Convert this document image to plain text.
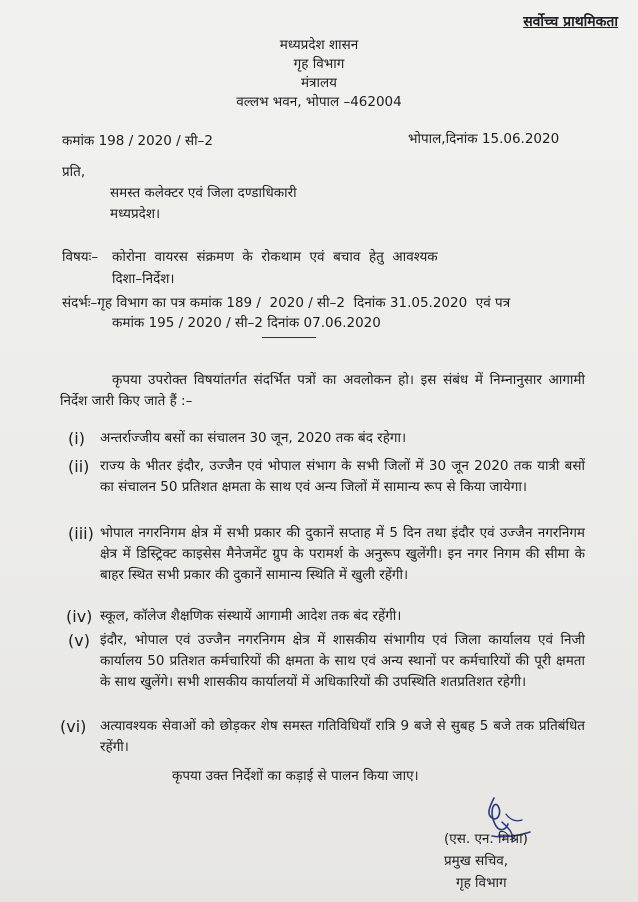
सर्वोच्च प्राथमिकता
मध्यप्रदेश शासन
गृह विभाग
मंत्रालय
वल्लभ भवन, भोपाल –462004
कमांक 198 / 2020 / सी–2	भोपाल,दिनांक 15.06.2020
प्रति,
समस्त कलेक्टर एवं जिला दण्डाधिकारी
मध्यप्रदेश।
विषयः– कोरोना  वायरस  संक्रमण  के  रोकथाम  एवं  बचाव  हेतु  आवश्यक
दिशा–निर्देश।
संदर्भः–गृह विभाग का पत्र कमांक 189 /  2020 / सी–2  दिनांक 31.05.2020  एवं पत्र
कमांक 195 / 2020 / सी–2 दिनांक 07.06.2020
कृपया उपरोक्त विषयांतर्गत संदर्भित पत्रों का अवलोकन हो। इस संबंध में निम्नानुसार आगामी निर्देश जारी किए जाते हैं :–
(i) अन्तर्राज्जीय बसों का संचालन 30 जून, 2020 तक बंद रहेगा।
(ii) राज्य के भीतर इंदौर, उज्जैन एवं भोपाल संभाग के सभी जिलों में 30 जून 2020 तक यात्री बसों का संचालन 50 प्रतिशत क्षमता के साथ एवं अन्य जिलों में सामान्य रूप से किया जायेगा।
(iii) भोपाल नगरनिगम क्षेत्र में सभी प्रकार की दुकानें सप्ताह में 5 दिन तथा इंदौर एवं उज्जैन नगरनिगम क्षेत्र में डिस्ट्रिक्ट काइसेस मैनेजमेंट ग्रुप के परामर्श के अनुरूप खुलेंगी। इन नगर निगम की सीमा के बाहर स्थित सभी प्रकार की दुकानें सामान्य स्थिति में खुली रहेंगी।
(iv) स्कूल, कॉलेज शैक्षणिक संस्थायें आगामी आदेश तक बंद रहेंगी।
(v) इंदौर, भोपाल एवं उज्जैन नगरनिगम क्षेत्र में शासकीय संभागीय एवं जिला कार्यालय एवं निजी कार्यालय 50 प्रतिशत कर्मचारियों की क्षमता के साथ एवं अन्य स्थानों पर कर्मचारियों की पूरी क्षमता के साथ खुलेंगे। सभी शासकीय कार्यालयों में अधिकारियों की उपस्थिति शतप्रतिशत रहेगी।
(vi) अत्यावश्यक सेवाओं को छोड़कर शेष समस्त गतिविधियाँ रात्रि 9 बजे से सुबह 5 बजे तक प्रतिबंधित रहेंगी।
कृपया उक्त निर्देशों का कड़ाई से पालन किया जाए।
(एस. एन. मिश्रा)
प्रमुख सचिव,
गृह विभाग
